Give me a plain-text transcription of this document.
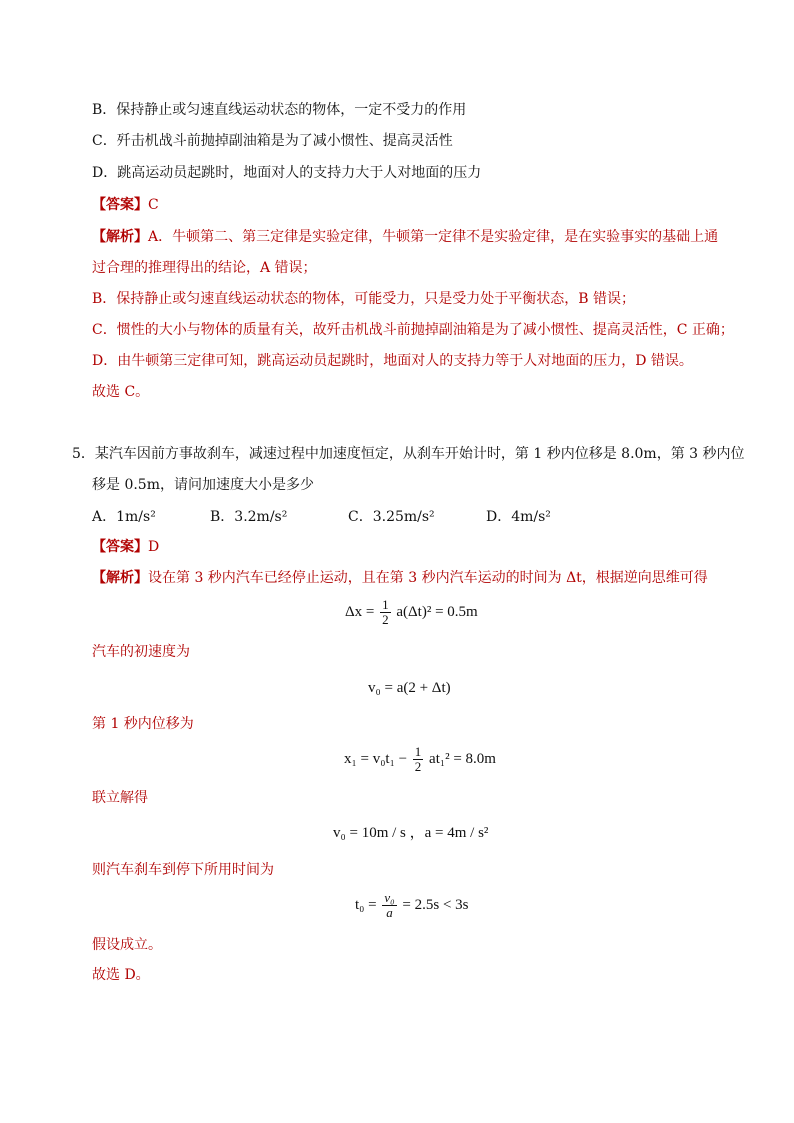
B．保持静止或匀速直线运动状态的物体，一定不受力的作用
C．歼击机战斗前抛掉副油箱是为了减小惯性、提高灵活性
D．跳高运动员起跳时，地面对人的支持力大于人对地面的压力
【答案】C
【解析】A．牛顿第二、第三定律是实验定律，牛顿第一定律不是实验定律，是在实验事实的基础上通
过合理的推理得出的结论，A 错误；
B．保持静止或匀速直线运动状态的物体，可能受力，只是受力处于平衡状态，B 错误；
C．惯性的大小与物体的质量有关，故歼击机战斗前抛掉副油箱是为了减小惯性、提高灵活性，C 正确；
D．由牛顿第三定律可知，跳高运动员起跳时，地面对人的支持力等于人对地面的压力，D 错误。
故选 C。
5．某汽车因前方事故刹车，减速过程中加速度恒定，从刹车开始计时，第 1 秒内位移是 8.0m，第 3 秒内位
移是 0.5m，请问加速度大小是多少
A．1m/s²	B．3.2m/s²	C．3.25m/s²	D．4m/s²
【答案】D
【解析】设在第 3 秒内汽车已经停止运动，且在第 3 秒内汽车运动的时间为 Δt，根据逆向思维可得
$\Delta x = \frac{1}{2} a(\Delta t)^2 = 0.5m$
汽车的初速度为
v₀ = a(2 + Δt)
第 1 秒内位移为
$x_1 = v_0t_1 - \frac{1}{2} at_1^2 = 8.0m$
联立解得
v₀ = 10m / s ，a = 4m / s²
则汽车刹车到停下所用时间为
$t_0 = \frac{\text{v₀}}{a} = 2.5s < 3s$
假设成立。
故选 D。
